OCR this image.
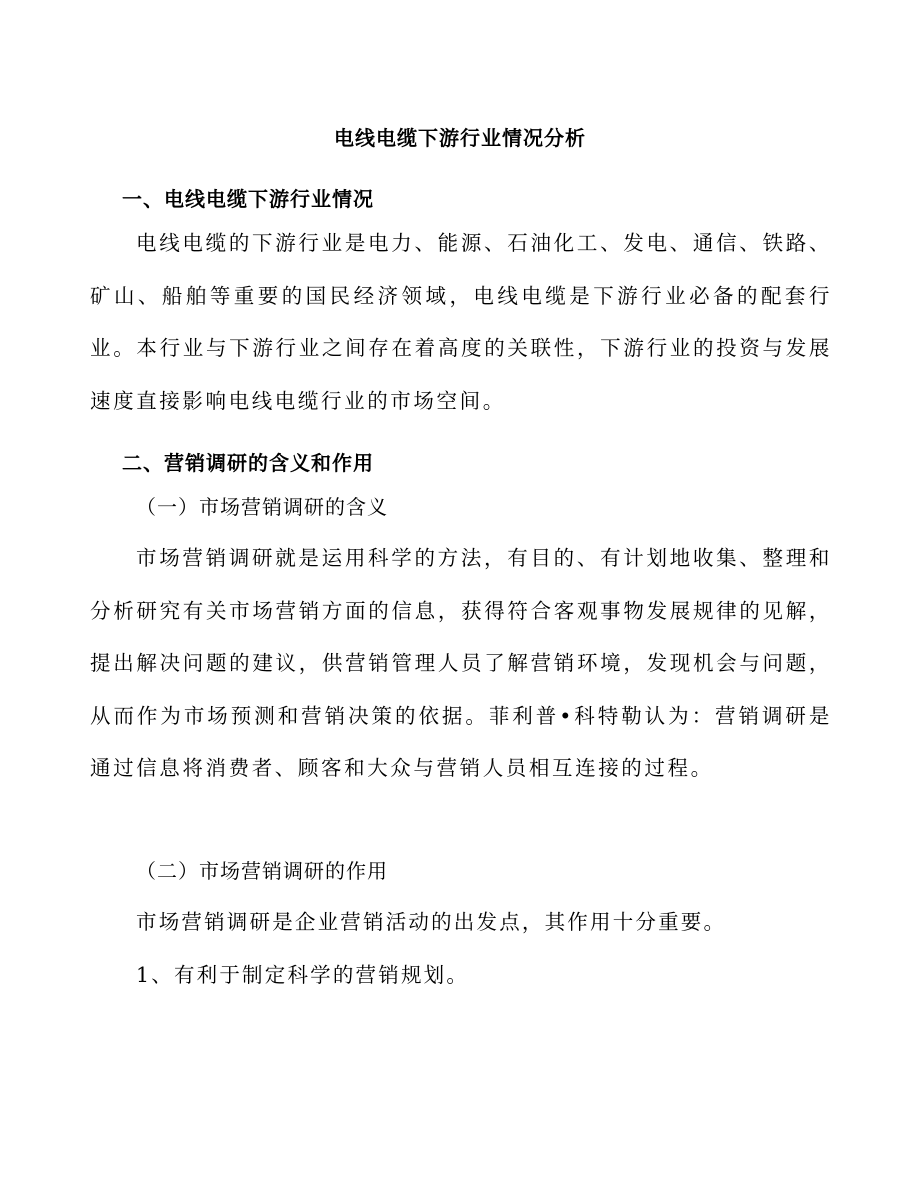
电线电缆下游行业情况分析
一、电线电缆下游行业情况
电线电缆的下游行业是电力、能源、石油化工、发电、通信、铁路、矿山、船舶等重要的国民经济领域，电线电缆是下游行业必备的配套行业。本行业与下游行业之间存在着高度的关联性，下游行业的投资与发展速度直接影响电线电缆行业的市场空间。
二、营销调研的含义和作用
（一）市场营销调研的含义
市场营销调研就是运用科学的方法，有目的、有计划地收集、整理和分析研究有关市场营销方面的信息，获得符合客观事物发展规律的见解，提出解决问题的建议，供营销管理人员了解营销环境，发现机会与问题，从而作为市场预测和营销决策的依据。菲利普•科特勒认为：营销调研是通过信息将消费者、顾客和大众与营销人员相互连接的过程。
（二）市场营销调研的作用
市场营销调研是企业营销活动的出发点，其作用十分重要。
1、有利于制定科学的营销规划。
